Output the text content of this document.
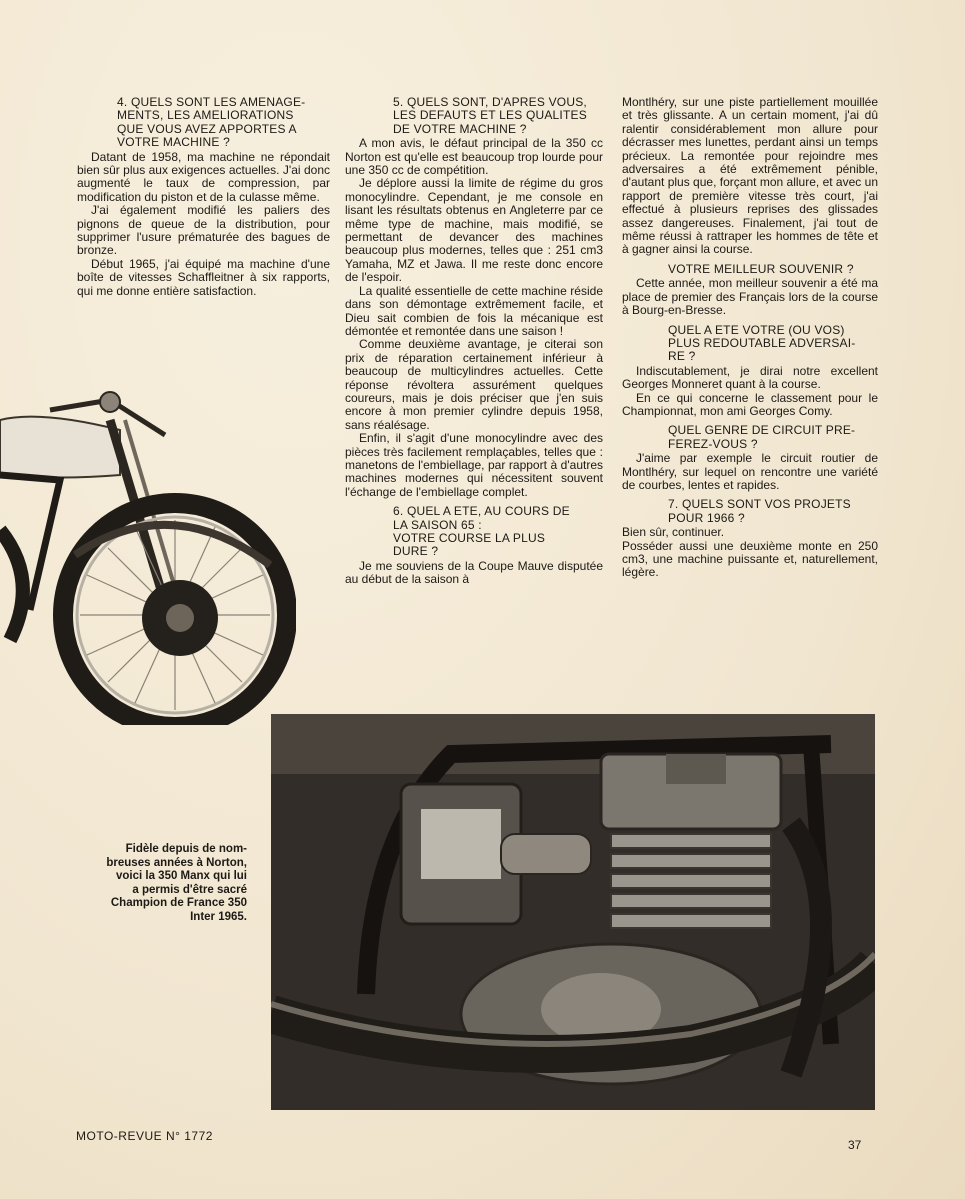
4. QUELS SONT LES AMENAGE-
MENTS, LES AMELIORATIONS
QUE VOUS AVEZ APPORTES A
VOTRE MACHINE ?

Datant de 1958, ma machine ne répondait bien sûr plus aux exigences actuelles. J'ai donc augmenté le taux de compression, par modification du piston et de la culasse même.

J'ai également modifié les paliers des pignons de queue de la distribution, pour supprimer l'usure prématurée des bagues de bronze.

Début 1965, j'ai équipé ma machine d'une boîte de vitesses Schaffleitner à six rapports, qui me donne entière satisfaction.

5. QUELS SONT, D'APRES VOUS,
LES DEFAUTS ET LES QUALITES
DE VOTRE MACHINE ?

A mon avis, le défaut principal de la 350 cc Norton est qu'elle est beaucoup trop lourde pour une 350 cc de compétition.

Je déplore aussi la limite de régime du gros monocylindre. Cependant, je me console en lisant les résultats obtenus en Angleterre par ce même type de machine, mais modifié, se permettant de devancer des machines beaucoup plus modernes, telles que : 251 cm3 Yamaha, MZ et Jawa. Il me reste donc encore de l'espoir.

La qualité essentielle de cette machine réside dans son démontage extrêmement facile, et Dieu sait combien de fois la mécanique est démontée et remontée dans une saison !

Comme deuxième avantage, je citerai son prix de réparation certainement inférieur à beaucoup de multicylindres actuelles. Cette réponse révoltera assurément quelques coureurs, mais je dois préciser que j'en suis encore à mon premier cylindre depuis 1958, sans réalésage.

Enfin, il s'agit d'une monocylindre avec des pièces très facilement remplaçables, telles que : manetons de l'embiellage, par rapport à d'autres machines modernes qui nécessitent souvent l'échange de l'embiellage complet.

6. QUEL A ETE, AU COURS DE
LA SAISON 65 :
VOTRE COURSE LA PLUS
DURE ?

Je me souviens de la Coupe Mauve disputée au début de la saison à

Montlhéry, sur une piste partiellement mouillée et très glissante. A un certain moment, j'ai dû ralentir considérablement mon allure pour décrasser mes lunettes, perdant ainsi un temps précieux. La remontée pour rejoindre mes adversaires a été extrêmement pénible, d'autant plus que, forçant mon allure, et avec un rapport de première vitesse très court, j'ai effectué à plusieurs reprises des glissades assez dangereuses. Finalement, j'ai tout de même réussi à rattraper les hommes de tête et à gagner ainsi la course.

VOTRE MEILLEUR SOUVENIR ?

Cette année, mon meilleur souvenir a été ma place de premier des Français lors de la course à Bourg-en-Bresse.

QUEL A ETE VOTRE (OU VOS)
PLUS REDOUTABLE ADVERSAI-
RE ?

Indiscutablement, je dirai notre excellent Georges Monneret quant à la course.

En ce qui concerne le classement pour le Championnat, mon ami Georges Comy.

QUEL GENRE DE CIRCUIT PRE-
FEREZ-VOUS ?

J'aime par exemple le circuit routier de Montlhéry, sur lequel on rencontre une variété de courbes, lentes et rapides.

7. QUELS SONT VOS PROJETS
POUR 1966 ?

Bien sûr, continuer.

Posséder aussi une deuxième monte en 250 cm3, une machine puissante et, naturellement, légère.

Fidèle depuis de nom-
breuses années à Norton,
voici la 350 Manx qui lui
a permis d'être sacré
Champion de France 350
Inter 1965.
MOTO-REVUE N° 1772
37
